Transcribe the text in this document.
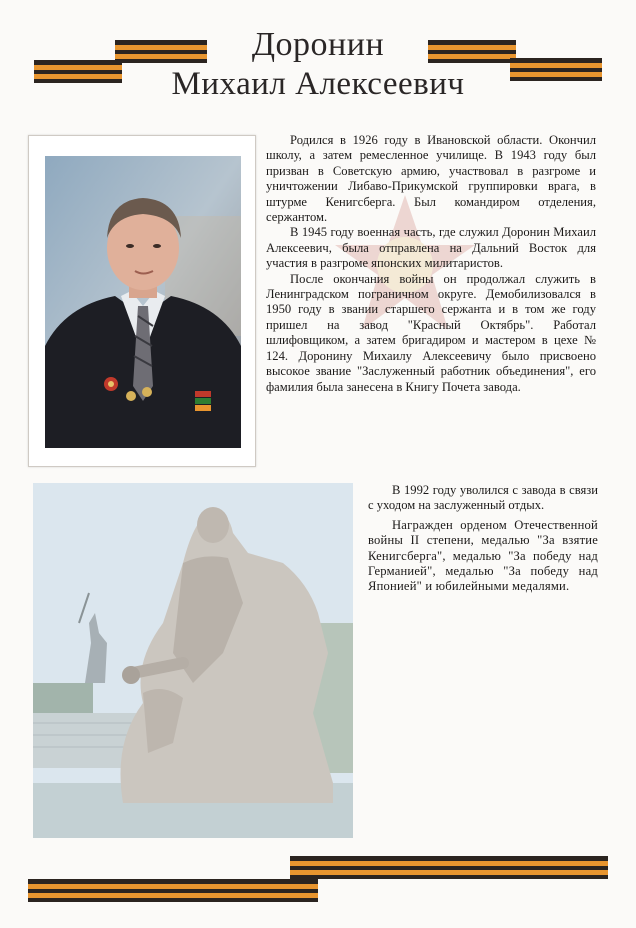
Доронин
Михаил Алексеевич

Родился в 1926 году в Ивановской области. Окончил школу, а затем ремесленное училище. В 1943 году был призван в Советскую армию, участвовал в разгроме и уничтожении Либаво-Прикумской группировки врага, в штурме Кенигсберга. Был командиром отделения, сержантом.

В 1945 году военная часть, где служил Доронин Михаил Алексеевич, была отправлена на Дальний Восток для участия в разгроме японских милитаристов.

После окончания войны он продолжал служить в Ленинградском пограничном округе. Демобилизовался в 1950 году в звании старшего сержанта и в том же году пришел на завод "Красный Октябрь". Работал шлифовщиком, а затем бригадиром и мастером в цехе № 124. Доронину Михаилу Алексеевичу было присвоено высокое звание "Заслуженный работник объединения", его фамилия была занесена в Книгу Почета завода.

В 1992 году уволился с завода в связи с уходом на заслуженный отдых.

Награжден орденом Отечественной войны II степени, медалью "За взятие Кенигсберга", медалью "За победу над Германией", медалью "За победу над Японией" и юбилейными медалями.
